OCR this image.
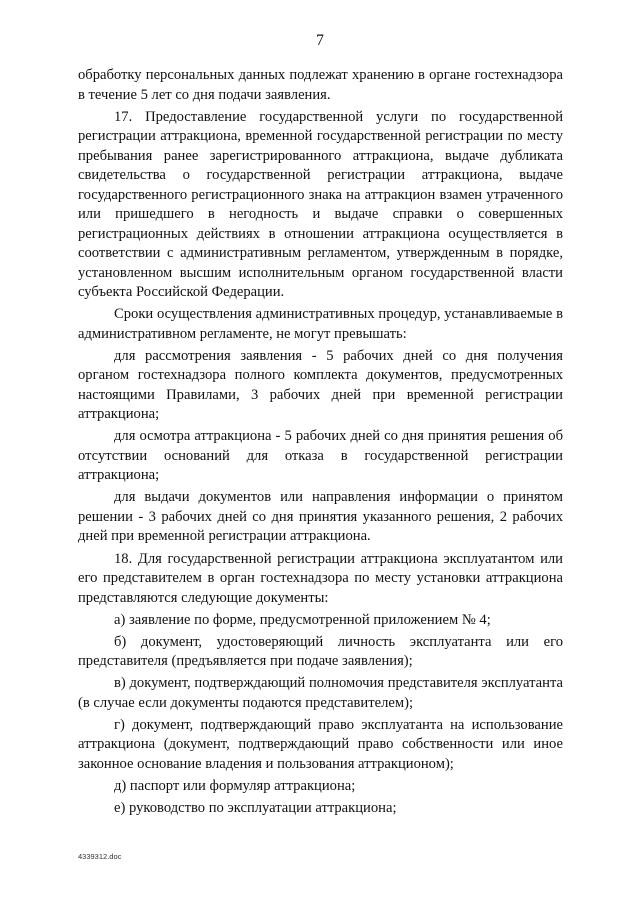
7

обработку персональных данных подлежат хранению в органе гостехнадзора в течение 5 лет со дня подачи заявления.

17. Предоставление государственной услуги по государственной регистрации аттракциона, временной государственной регистрации по месту пребывания ранее зарегистрированного аттракциона, выдаче дубликата свидетельства о государственной регистрации аттракциона, выдаче государственного регистрационного знака на аттракцион взамен утраченного или пришедшего в негодность и выдаче справки о совершенных регистрационных действиях в отношении аттракциона осуществляется в соответствии с административным регламентом, утвержденным в порядке, установленном высшим исполнительным органом государственной власти субъекта Российской Федерации.

Сроки осуществления административных процедур, устанавливаемые в административном регламенте, не могут превышать:

для рассмотрения заявления - 5 рабочих дней со дня получения органом гостехнадзора полного комплекта документов, предусмотренных настоящими Правилами, 3 рабочих дней при временной регистрации аттракциона;

для осмотра аттракциона - 5 рабочих дней со дня принятия решения об отсутствии оснований для отказа в государственной регистрации аттракциона;

для выдачи документов или направления информации о принятом решении - 3 рабочих дней со дня принятия указанного решения, 2 рабочих дней при временной регистрации аттракциона.

18. Для государственной регистрации аттракциона эксплуатантом или его представителем в орган гостехнадзора по месту установки аттракциона представляются следующие документы:

а) заявление по форме, предусмотренной приложением № 4;

б) документ, удостоверяющий личность эксплуатанта или его представителя (предъявляется при подаче заявления);

в) документ, подтверждающий полномочия представителя эксплуатанта (в случае если документы подаются представителем);

г) документ, подтверждающий право эксплуатанта на использование аттракциона (документ, подтверждающий право собственности или иное законное основание владения и пользования аттракционом);

д) паспорт или формуляр аттракциона;

е) руководство по эксплуатации аттракциона;

4339312.doc
